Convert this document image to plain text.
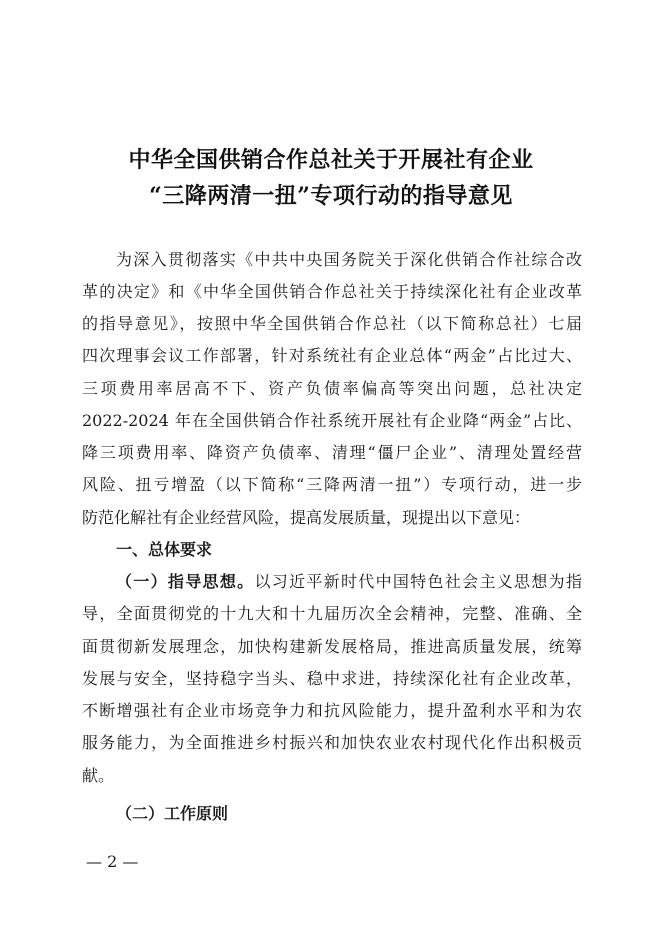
中华全国供销合作总社关于开展社有企业
“三降两清一扭”专项行动的指导意见
为深入贯彻落实《中共中央国务院关于深化供销合作社综合改
革的决定》和《中华全国供销合作总社关于持续深化社有企业改革
的指导意见》，按照中华全国供销合作总社（以下简称总社）七届
四次理事会议工作部署，针对系统社有企业总体“两金”占比过大、
三项费用率居高不下、资产负债率偏高等突出问题，总社决定
2022-2024 年在全国供销合作社系统开展社有企业降“两金”占比、
降三项费用率、降资产负债率、清理“僵尸企业”、清理处置经营
风险、扭亏增盈（以下简称“三降两清一扭”）专项行动，进一步
防范化解社有企业经营风险，提高发展质量，现提出以下意见：
一、总体要求
（一）指导思想。以习近平新时代中国特色社会主义思想为指
导，全面贯彻党的十九大和十九届历次全会精神，完整、准确、全
面贯彻新发展理念，加快构建新发展格局，推进高质量发展，统筹
发展与安全，坚持稳字当头、稳中求进，持续深化社有企业改革，
不断增强社有企业市场竞争力和抗风险能力，提升盈利水平和为农
服务能力，为全面推进乡村振兴和加快农业农村现代化作出积极贡
献。
（二）工作原则
— 2 —
